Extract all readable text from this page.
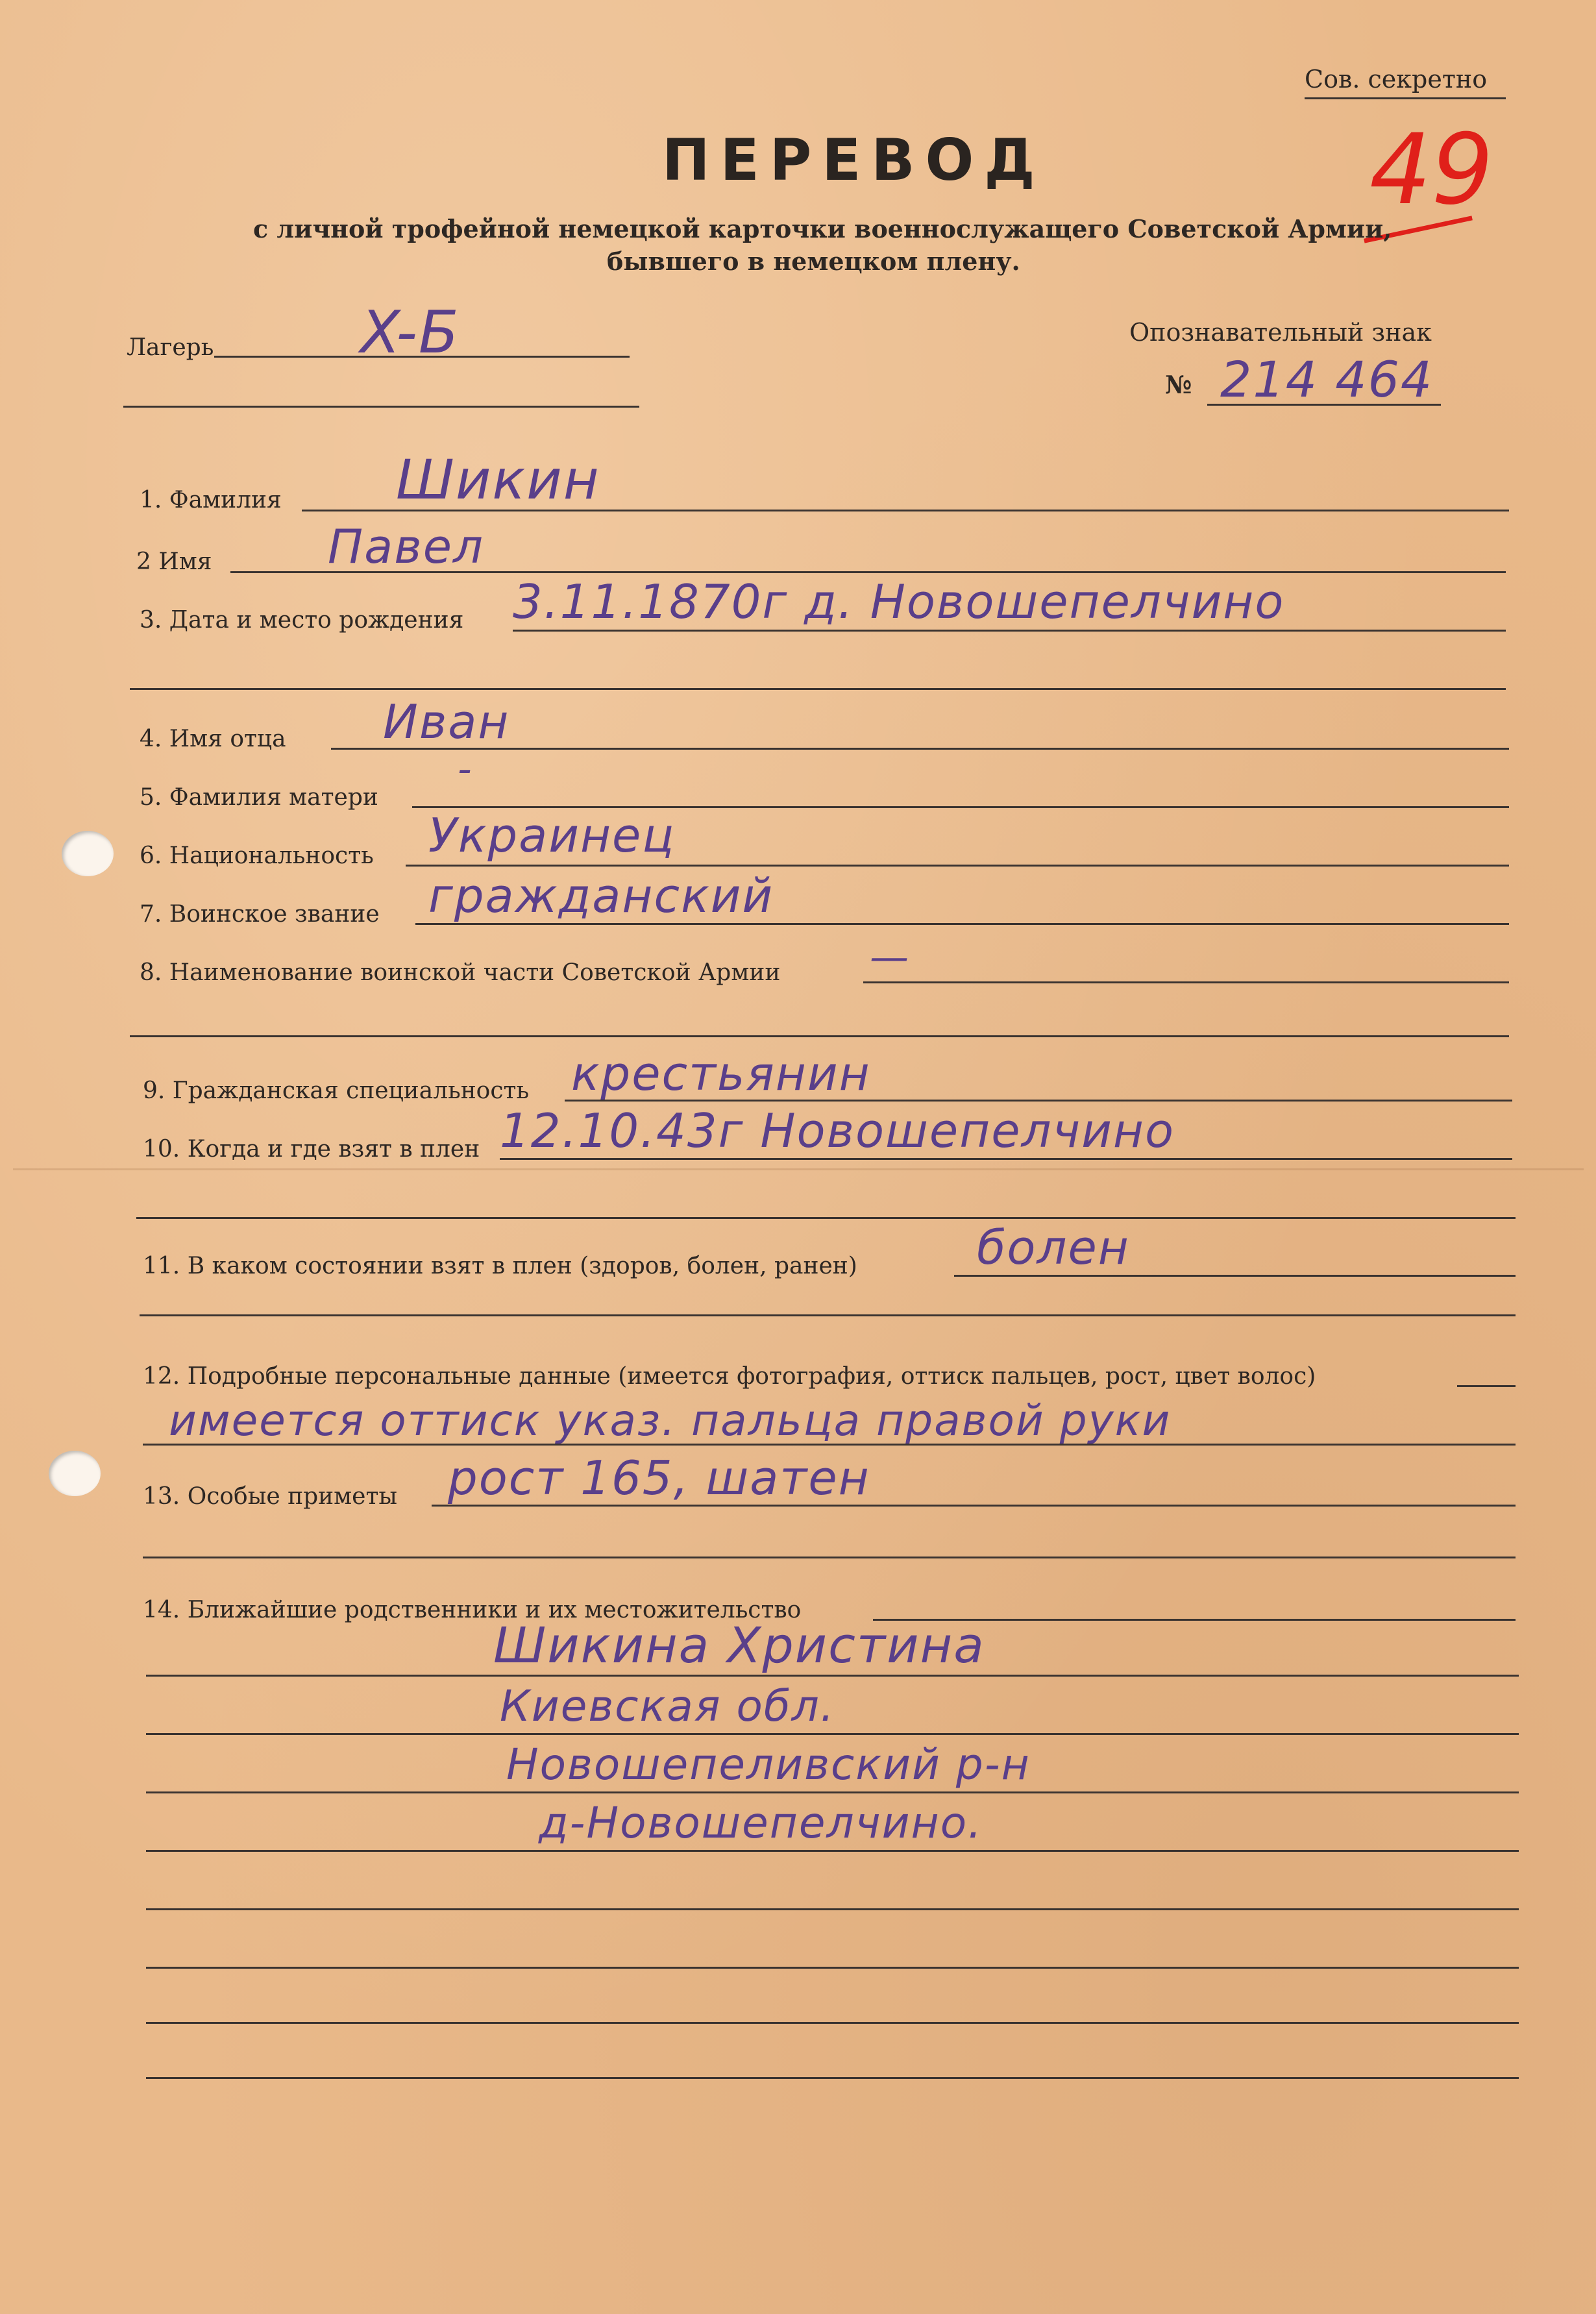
Сов. секретно
49
ПЕРЕВОД
с личной трофейной немецкой карточки военнослужащего Советской Армии,
бывшего в немецком плену.
Лагерь	X-Б	Опознавательный знак
№ 214 464
1. Фамилия Шикин
2 Имя Павел
3. Дата и место рождения 3.11.1870г д. Новошепелчино
4. Имя отца Иван
5. Фамилия матери
-
6. Национальность Украинец
7. Воинское звание гражданский
8. Наименование воинской части Советской Армии —
9. Гражданская специальность крестьянин
10. Когда и где взят в плен 12.10.43г Новошепелчино
11. В каком состоянии взят в плен (здоров, болен, ранен)	болен
12. Подробные персональные данные (имеется фотография, оттиск пальцев, рост, цвет волос)
имеется оттиск указ. пальца правой руки
13. Особые приметы рост 165, шатен
14. Ближайшие родственники и их местожительство
Шикина Христина
Киевская обл.
Новошепеливский р-н
д-Новошепелчино.
